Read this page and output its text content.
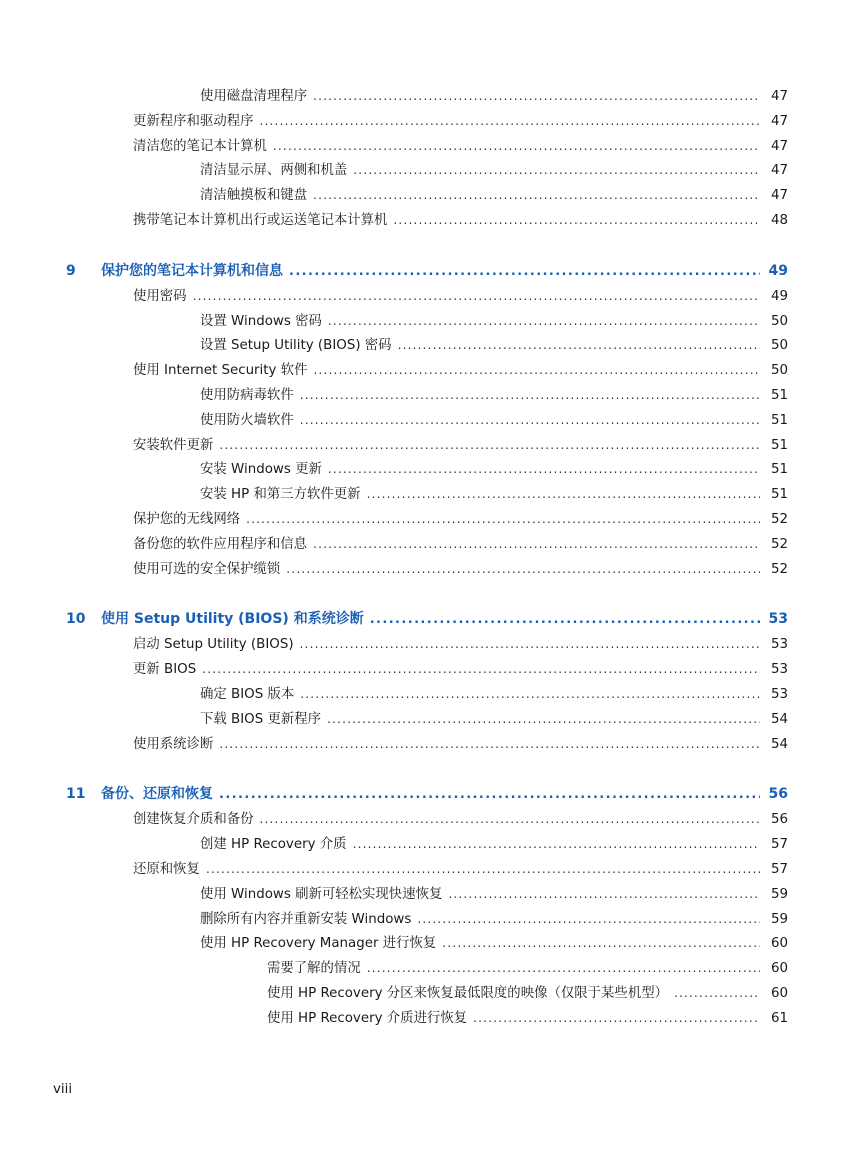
使用磁盘清理程序 .....	47
更新程序和驱动程序 .....	47
清洁您的笔记本计算机 .....	47
清洁显示屏、两侧和机盖 .....	47
清洁触摸板和键盘 .....	47
携带笔记本计算机出行或运送笔记本计算机 .....	48
9	保护您的笔记本计算机和信息 .....	49
使用密码 .....	49
设置 Windows 密码 .....	50
设置 Setup Utility (BIOS) 密码 .....	50
使用 Internet Security 软件 .....	50
使用防病毒软件 .....	51
使用防火墙软件 .....	51
安装软件更新 .....	51
安装 Windows 更新 .....	51
安装 HP 和第三方软件更新 .....	51
保护您的无线网络 .....	52
备份您的软件应用程序和信息 .....	52
使用可选的安全保护缆锁 .....	52
10	使用 Setup Utility (BIOS) 和系统诊断 .....	53
启动 Setup Utility (BIOS) .....	53
更新 BIOS .....	53
确定 BIOS 版本 .....	53
下载 BIOS 更新程序 .....	54
使用系统诊断 .....	54
11	备份、还原和恢复 .....	56
创建恢复介质和备份 .....	56
创建 HP Recovery 介质 .....	57
还原和恢复 .....	57
使用 Windows 刷新可轻松实现快速恢复 .....	59
删除所有内容并重新安装 Windows .....	59
使用 HP Recovery Manager 进行恢复 .....	60
需要了解的情况 .....	60
使用 HP Recovery 分区来恢复最低限度的映像（仅限于某些机型） .....	60
使用 HP Recovery 介质进行恢复 .....	61
viii
